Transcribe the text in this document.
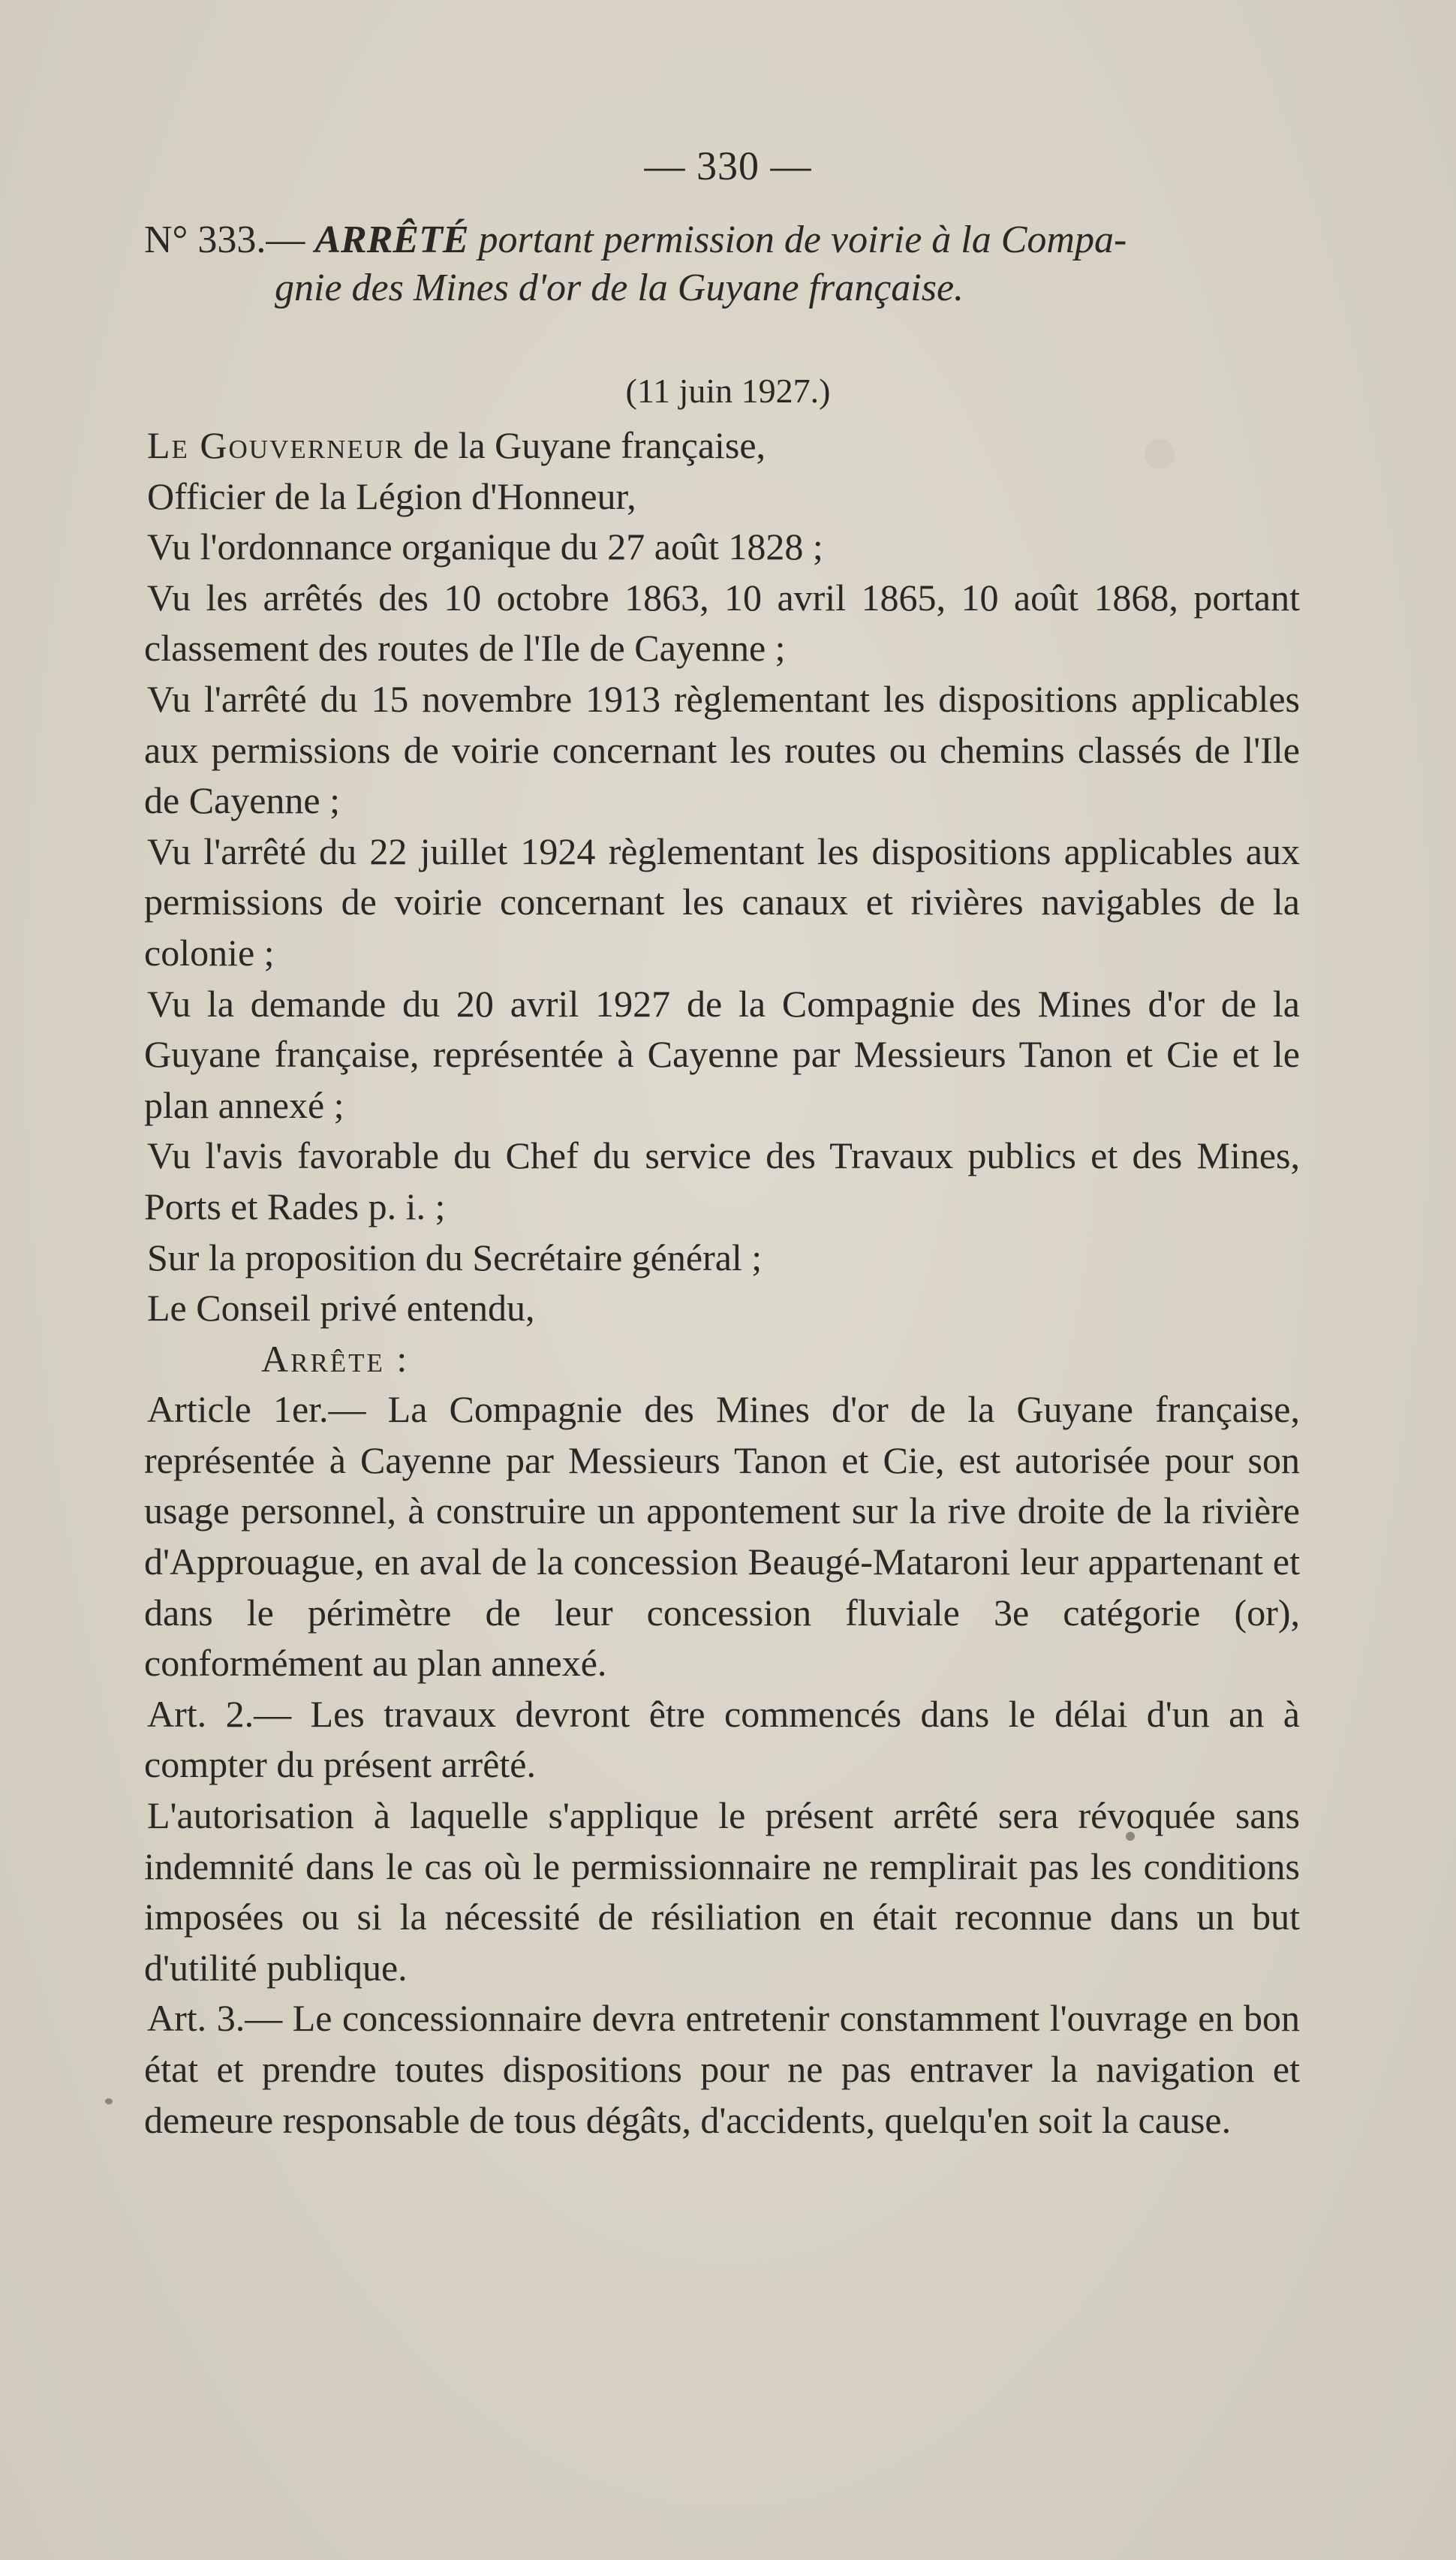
— 330 —
N° 333.— ARRÊTÉ portant permission de voirie à la Compa-
gnie des Mines d'or de la Guyane française.
(11 juin 1927.)

Le Gouverneur de la Guyane française,

Officier de la Légion d'Honneur,

Vu l'ordonnance organique du 27 août 1828 ;

Vu les arrêtés des 10 octobre 1863, 10 avril 1865, 10 août 1868, portant classement des routes de l'Ile de Cayenne ;

Vu l'arrêté du 15 novembre 1913 règlementant les dispositions applicables aux permissions de voirie concernant les routes ou chemins classés de l'Ile de Cayenne ;

Vu l'arrêté du 22 juillet 1924 règlementant les dispositions applicables aux permissions de voirie concernant les canaux et rivières navigables de la colonie ;

Vu la demande du 20 avril 1927 de la Compagnie des Mines d'or de la Guyane française, représentée à Cayenne par Messieurs Tanon et Cie et le plan annexé ;

Vu l'avis favorable du Chef du service des Travaux publics et des Mines, Ports et Rades p. i. ;

Sur la proposition du Secrétaire général ;

Le Conseil privé entendu,

Arrête :

Article 1er.— La Compagnie des Mines d'or de la Guyane française, représentée à Cayenne par Messieurs Tanon et Cie, est autorisée pour son usage personnel, à construire un appontement sur la rive droite de la rivière d'Approuague, en aval de la concession Beaugé-Mataroni leur appartenant et dans le périmètre de leur concession fluviale 3e catégorie (or), conformément au plan annexé.

Art. 2.— Les travaux devront être commencés dans le délai d'un an à compter du présent arrêté.

L'autorisation à laquelle s'applique le présent arrêté sera révoquée sans indemnité dans le cas où le permissionnaire ne remplirait pas les conditions imposées ou si la nécessité de résiliation en était reconnue dans un but d'utilité publique.

Art. 3.— Le concessionnaire devra entretenir constamment l'ouvrage en bon état et prendre toutes dispositions pour ne pas entraver la navigation et demeure responsable de tous dégâts, d'accidents, quelqu'en soit la cause.
